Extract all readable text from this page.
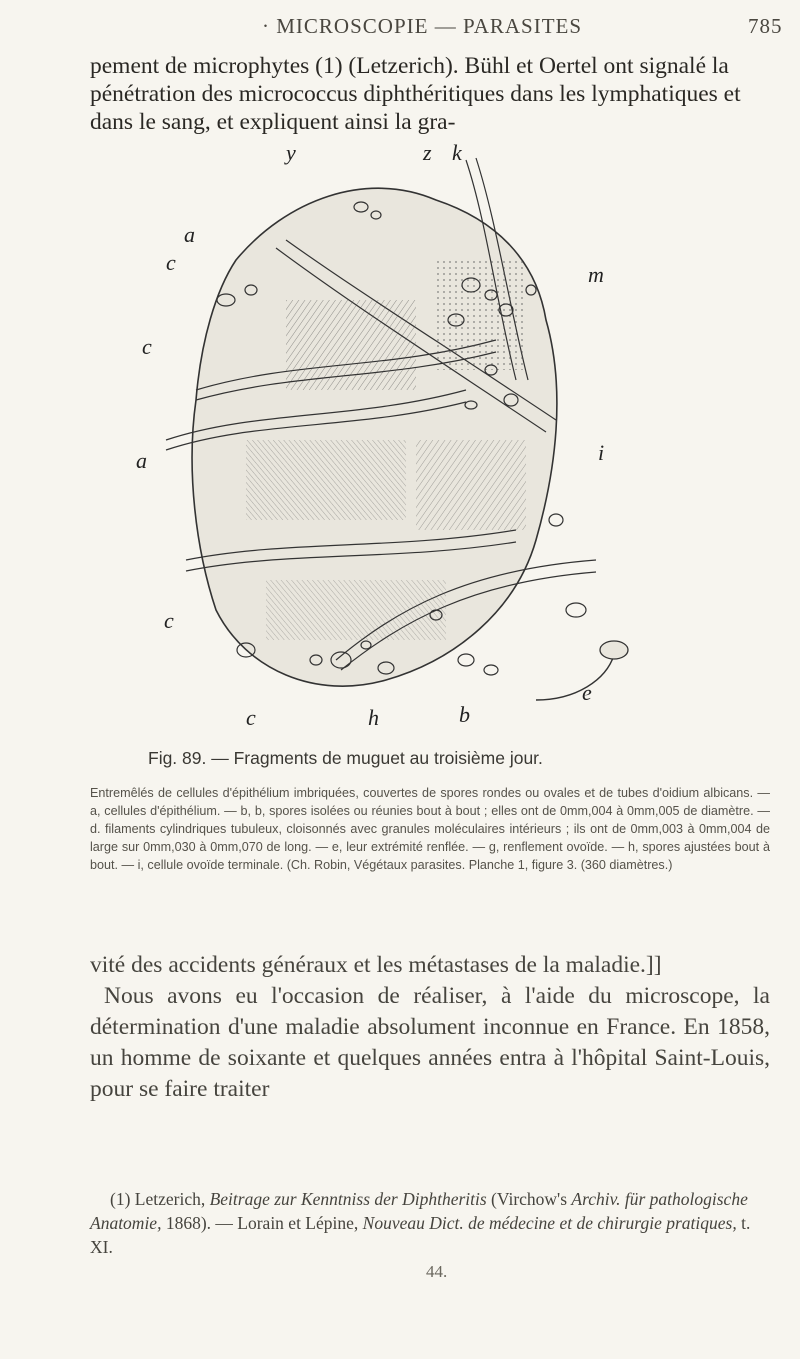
· MICROSCOPIE — PARASITES	785

pement de microphytes (1) (Letzerich). Bühl et Oertel ont signalé la pénétration des micrococcus diphthéritiques dans les lymphatiques et dans le sang, et expliquent ainsi la gra-

y	z k
a
c
c
a
c
c	h	b
e
m
i
Fig. 89. — Fragments de muguet au troisième jour.

Entremêlés de cellules d'épithélium imbriquées, couvertes de spores rondes ou ovales et de tubes d'oidium albicans. — a, cellules d'épithélium. — b, b, spores isolées ou réunies bout à bout ; elles ont de 0mm,004 à 0mm,005 de diamètre. — d. filaments cylindriques tubuleux, cloisonnés avec granules moléculaires intérieurs ; ils ont de 0mm,003 à 0mm,004 de large sur 0mm,030 à 0mm,070 de long. — e, leur extrémité renflée. — g, renflement ovoïde. — h, spores ajustées bout à bout. — i, cellule ovoïde terminale. (Ch. Robin, Végétaux parasites. Planche 1, figure 3. (360 diamètres.)

vité des accidents généraux et les métastases de la maladie.]]

Nous avons eu l'occasion de réaliser, à l'aide du microscope, la détermination d'une maladie absolument inconnue en France. En 1858, un homme de soixante et quelques années entra à l'hôpital Saint-Louis, pour se faire traiter

(1) Letzerich, Beitrage zur Kenntniss der Diphtheritis (Virchow's Archiv. für pathologische Anatomie, 1868). — Lorain et Lépine, Nouveau Dict. de médecine et de chirurgie pratiques, t. XI.

44.
